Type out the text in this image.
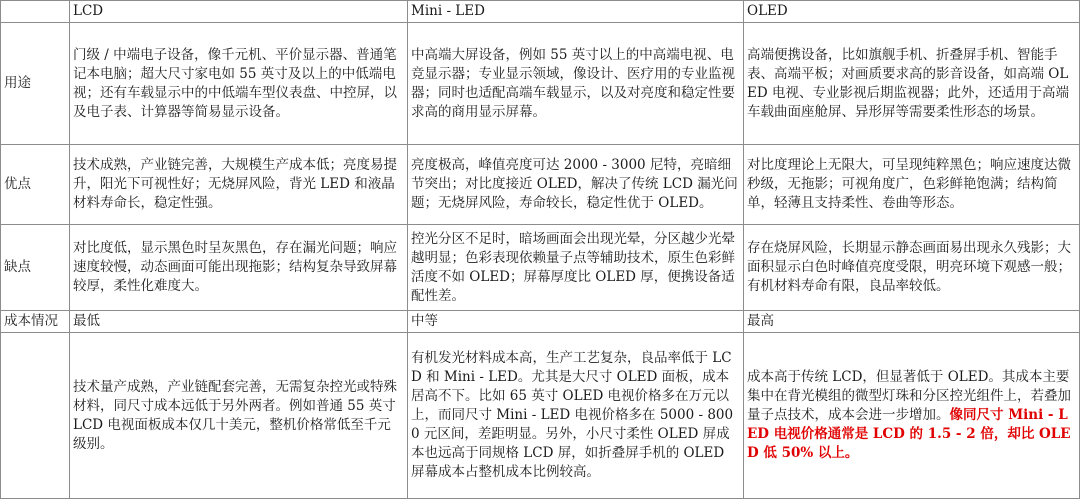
	LCD	Mini - LED	OLED
用途	门级 / 中端电子设备，像千元机、平价显示器、普通笔记本电脑；超大尺寸家电如 55 英寸及以上的中低端电视；还有车载显示中的中低端车型仪表盘、中控屏，以及电子表、计算器等简易显示设备。	中高端大屏设备，例如 55 英寸以上的中高端电视、电竞显示器；专业显示领域，像设计、医疗用的专业监视器；同时也适配高端车载显示，以及对亮度和稳定性要求高的商用显示屏幕。	高端便携设备，比如旗舰手机、折叠屏手机、智能手表、高端平板；对画质要求高的影音设备，如高端 OLED 电视、专业影视后期监视器；此外，还适用于高端车载曲面座舱屏、异形屏等需要柔性形态的场景。
优点	技术成熟，产业链完善，大规模生产成本低；亮度易提升，阳光下可视性好；无烧屏风险，背光 LED 和液晶材料寿命长，稳定性强。	亮度极高，峰值亮度可达 2000 - 3000 尼特，亮暗细节突出；对比度接近 OLED，解决了传统 LCD 漏光问题；无烧屏风险，寿命较长，稳定性优于 OLED。	对比度理论上无限大，可呈现纯粹黑色；响应速度达微秒级，无拖影；可视角度广，色彩鲜艳饱满；结构简单，轻薄且支持柔性、卷曲等形态。
缺点	对比度低，显示黑色时呈灰黑色，存在漏光问题；响应速度较慢，动态画面可能出现拖影；结构复杂导致屏幕较厚，柔性化难度大。	控光分区不足时，暗场画面会出现光晕，分区越少光晕越明显；色彩表现依赖量子点等辅助技术，原生色彩鲜活度不如 OLED；屏幕厚度比 OLED 厚，便携设备适配性差。	存在烧屏风险，长期显示静态画面易出现永久残影；大面积显示白色时峰值亮度受限，明亮环境下观感一般；有机材料寿命有限，良品率较低。
成本情况	最低	中等	最高
	技术量产成熟，产业链配套完善，无需复杂控光或特殊材料，同尺寸成本远低于另外两者。例如普通 55 英寸 LCD 电视面板成本仅几十美元，整机价格常低至千元级别。	有机发光材料成本高，生产工艺复杂，良品率低于 LCD 和 Mini - LED。尤其是大尺寸 OLED 面板，成本居高不下。比如 65 英寸 OLED 电视价格多在万元以上，而同尺寸 Mini - LED 电视价格多在 5000 - 8000 元区间，差距明显。另外，小尺寸柔性 OLED 屏成本也远高于同规格 LCD 屏，如折叠屏手机的 OLED 屏幕成本占整机成本比例较高。	成本高于传统 LCD，但显著低于 OLED。其成本主要集中在背光模组的微型灯珠和分区控光组件上，若叠加量子点技术，成本会进一步增加。像同尺寸 Mini - LED 电视价格通常是 LCD 的 1.5 - 2 倍，却比 OLED 低 50% 以上。
